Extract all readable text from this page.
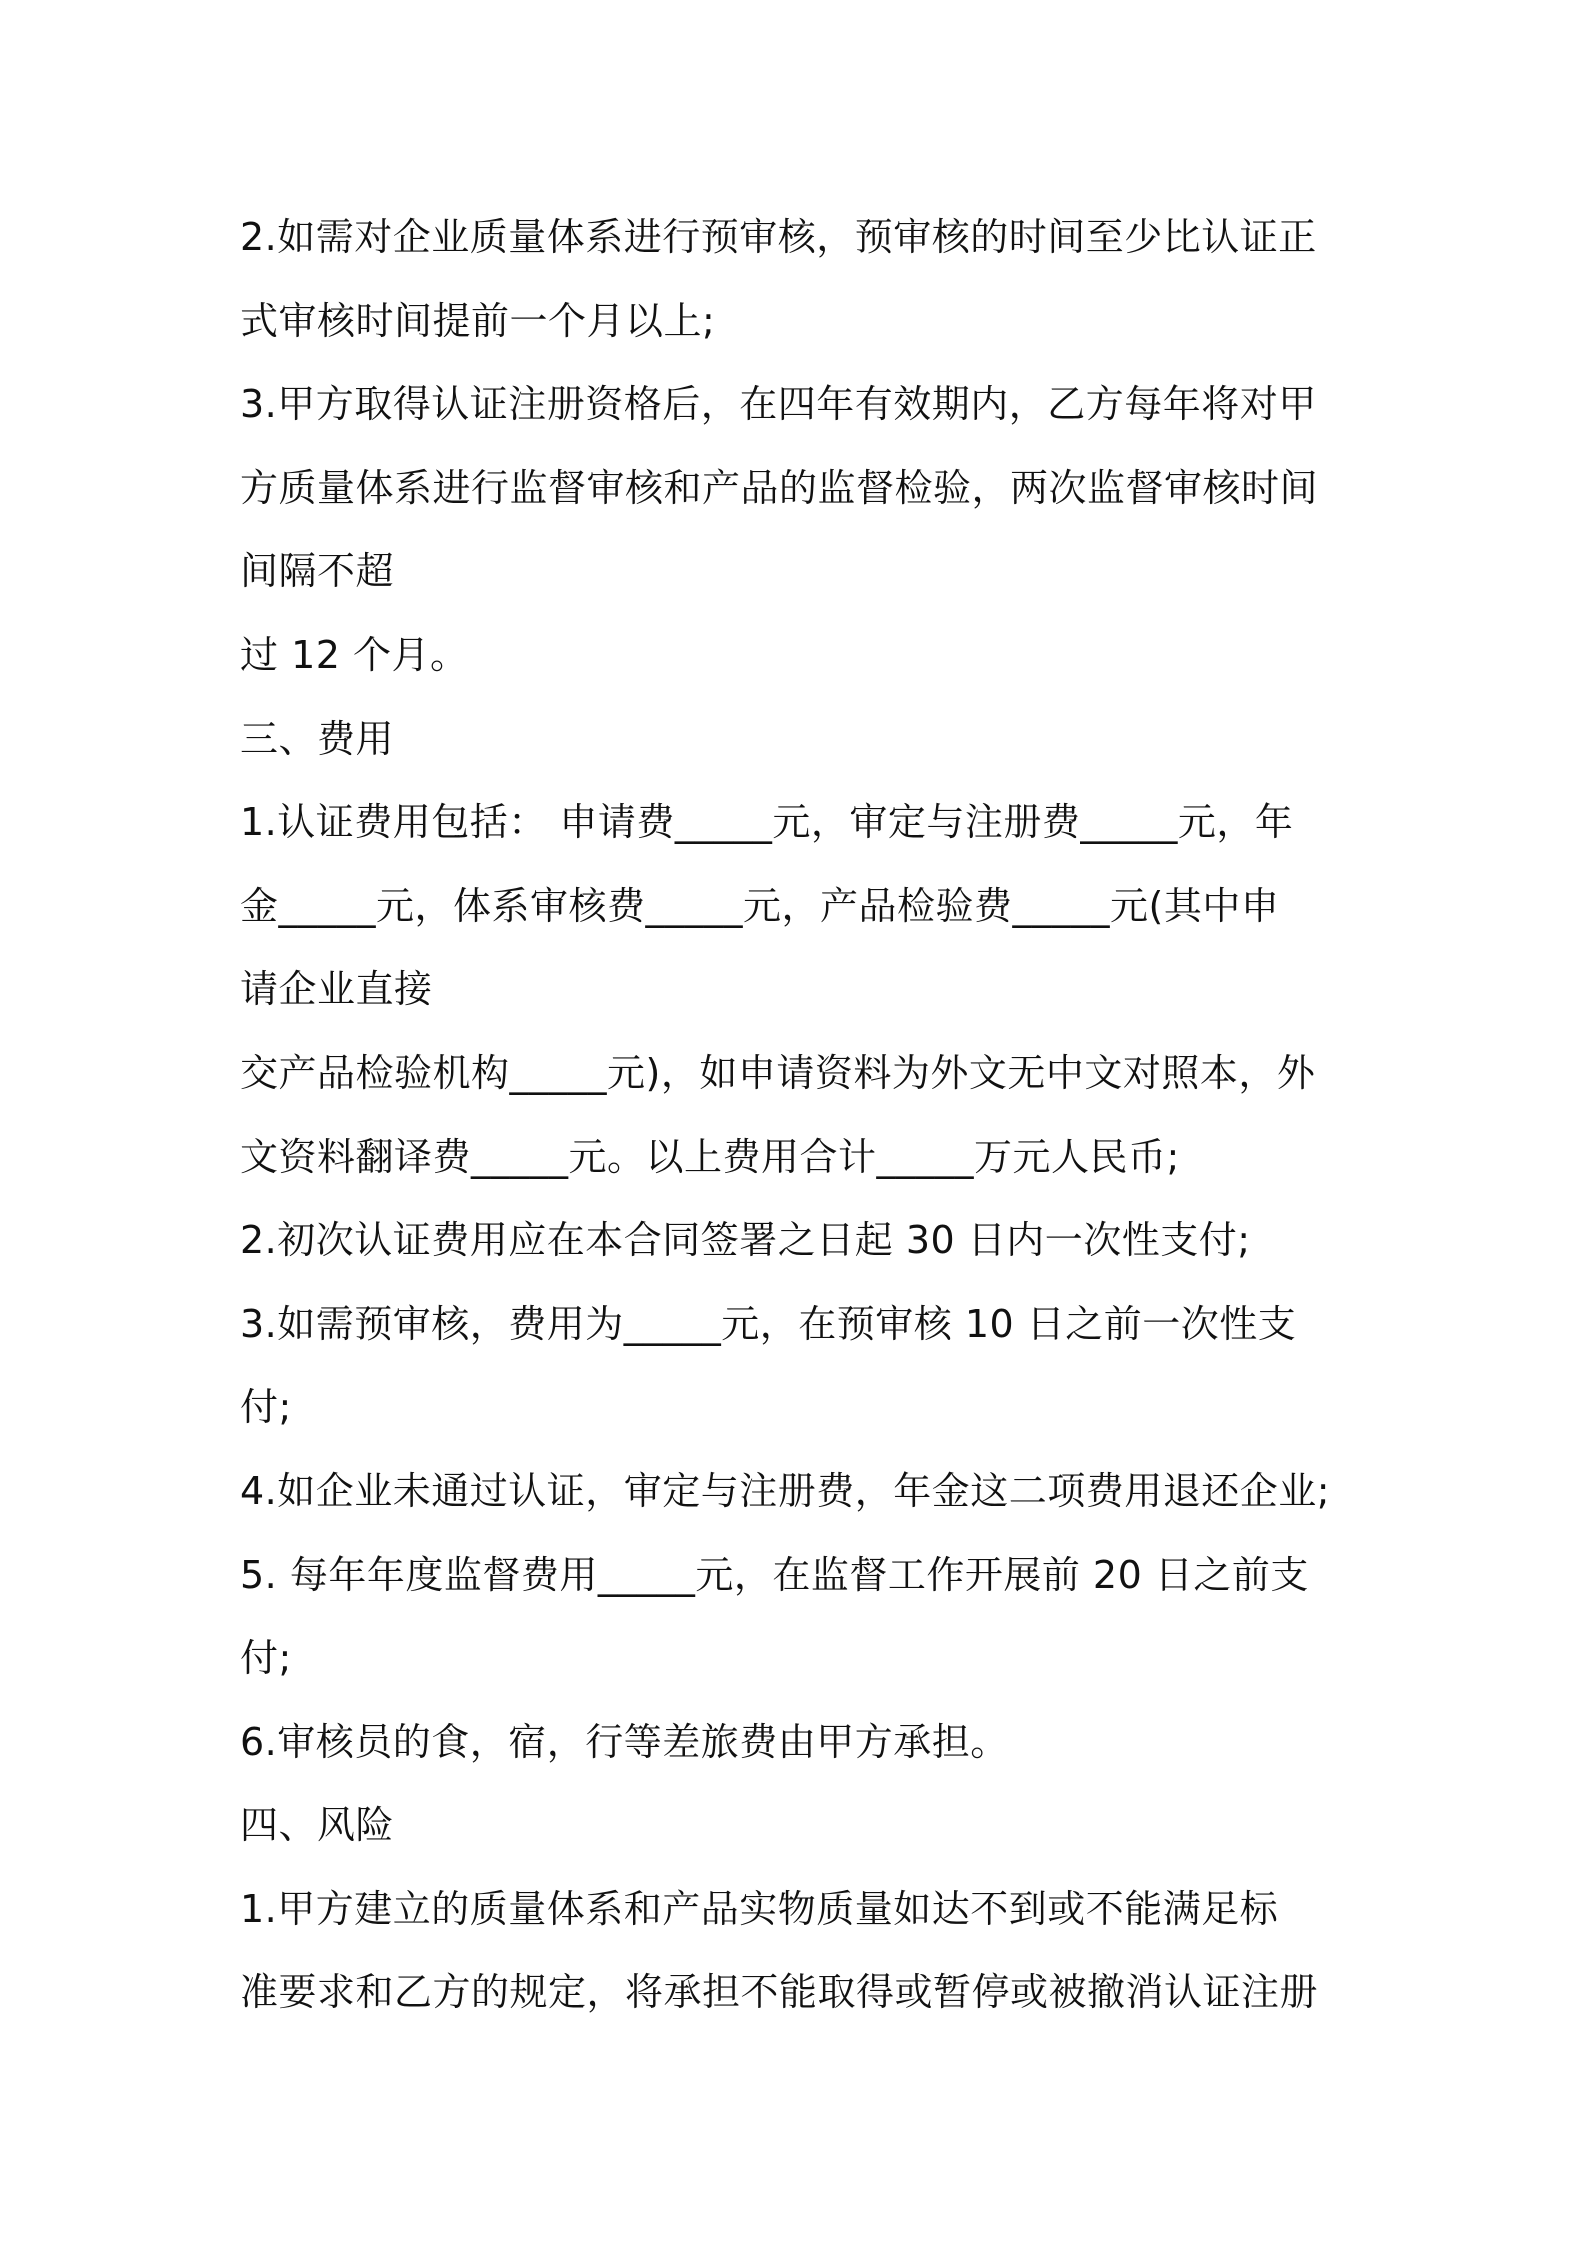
2.如需对企业质量体系进行预审核，预审核的时间至少比认证正
式审核时间提前一个月以上;
3.甲方取得认证注册资格后，在四年有效期内，乙方每年将对甲
方质量体系进行监督审核和产品的监督检验，两次监督审核时间
间隔不超
过 12 个月。
三、费用
1.认证费用包括： 申请费_____元，审定与注册费_____元，年
金_____元，体系审核费_____元，产品检验费_____元(其中申
请企业直接
交产品检验机构_____元)，如申请资料为外文无中文对照本，外
文资料翻译费_____元。以上费用合计_____万元人民币;
2.初次认证费用应在本合同签署之日起 30 日内一次性支付;
3.如需预审核，费用为_____元，在预审核 10 日之前一次性支
付;
4.如企业未通过认证，审定与注册费，年金这二项费用退还企业;
5. 每年年度监督费用_____元，在监督工作开展前 20 日之前支
付;
6.审核员的食，宿，行等差旅费由甲方承担。
四、风险
1.甲方建立的质量体系和产品实物质量如达不到或不能满足标
准要求和乙方的规定，将承担不能取得或暂停或被撤消认证注册
